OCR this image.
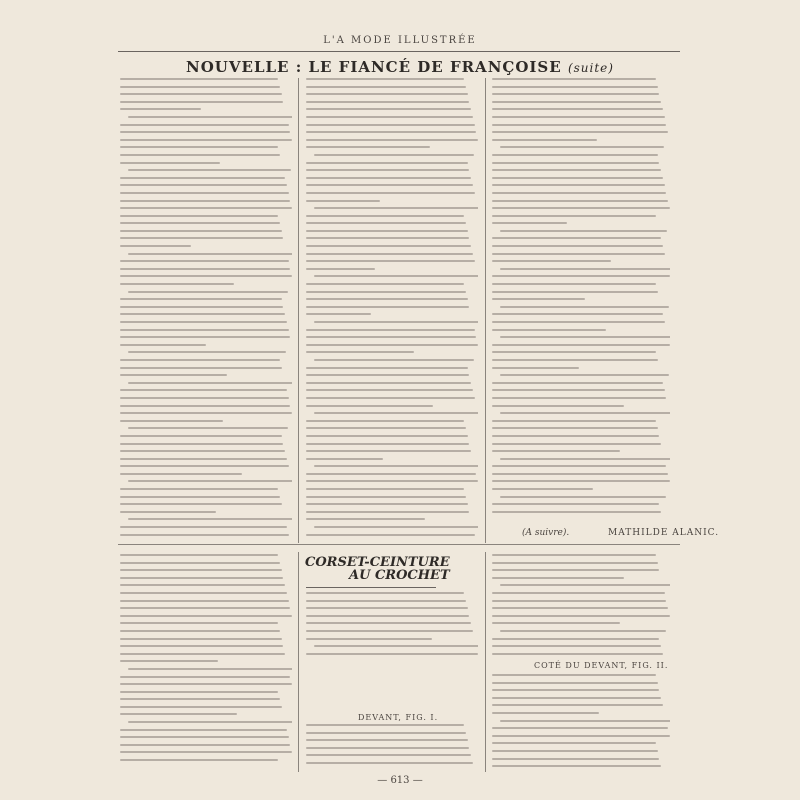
L'A MODE ILLUSTRÉE
NOUVELLE : LE FIANCÉ DE FRANÇOISE (suite)
(A suivre).	MATHILDE ALANIC.
CORSET-CEINTURE
AU CROCHET
DEVANT, FIG. I.
COTÉ DU DEVANT, FIG. II.
— 613 —
